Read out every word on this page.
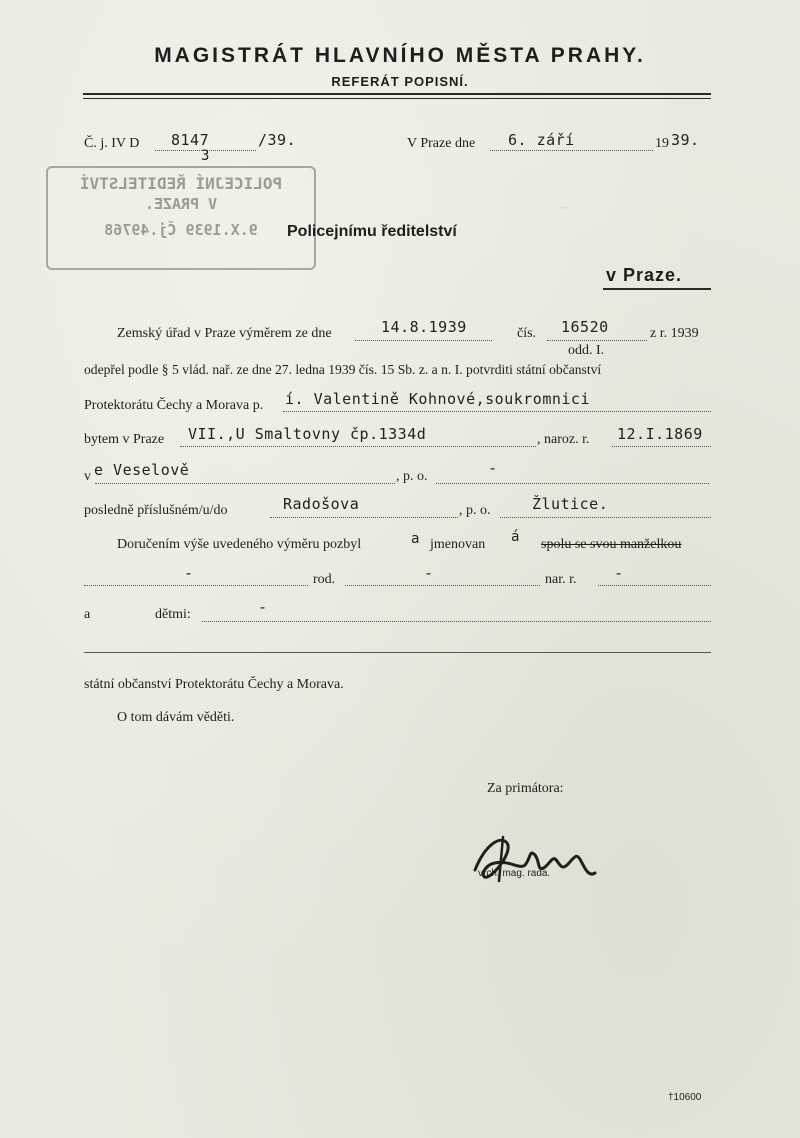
MAGISTRÁT HLAVNÍHO MĚSTA PRAHY.
REFERÁT POPISNÍ.
Č. j. IV D 8147
3
/39.	V Praze dne 6. září	19 39.
POLICEJNÍ ŘEDITELSTVÍ
V PRAZE.
9.X.1939 Čj.49768	Policejnímu ředitelství
v Praze.
~
Zemský úřad v Praze výměrem ze dne	14.8.1939	čís. 16520	z r. 1939
odd. I.
odepřel podle § 5 vlád. nař. ze dne 27. ledna 1939 čís. 15 Sb. z. a n. I. potvrditi státní občanství
Protektorátu Čechy a Morava p. í. Valentině Kohnové,soukromnici
bytem v Praze VII.,U Smaltovny čp.1334d	, naroz. r. 12.I.1869
v e Veselově	, p. o.	-
posledně příslušném/u/do	Radošova	, p. o.	Žlutice.
Doručením výše uvedeného výměru pozbyl	a jmenovan á spolu se svou manželkou
-	rod.	-	nar. r.	-
a	dětmi:	-
státní občanství Protektorátu Čechy a Morava.
O tom dávám věděti.
Za primátora:
vrch. mag. rada.
†10600
